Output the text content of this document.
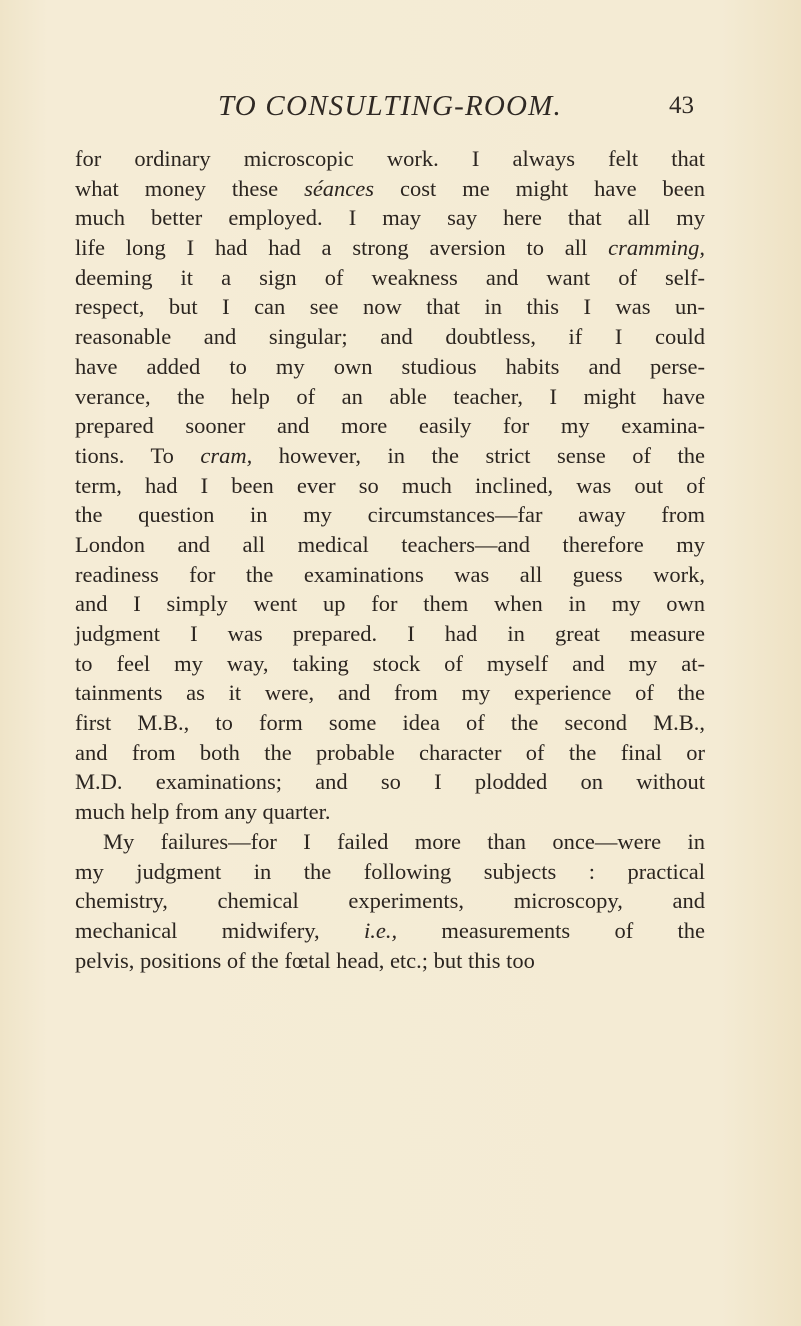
TO CONSULTING-ROOM.	43
for ordinary microscopic work. I always felt that
what money these séances cost me might have been
much better employed. I may say here that all my
life long I had had a strong aversion to all cramming,
deeming it a sign of weakness and want of self-
respect, but I can see now that in this I was un-
reasonable and singular; and doubtless, if I could
have added to my own studious habits and perse-
verance, the help of an able teacher, I might have
prepared sooner and more easily for my examina-
tions. To cram, however, in the strict sense of the
term, had I been ever so much inclined, was out of
the question in my circumstances—far away from
London and all medical teachers—and therefore my
readiness for the examinations was all guess work,
and I simply went up for them when in my own
judgment I was prepared. I had in great measure
to feel my way, taking stock of myself and my at-
tainments as it were, and from my experience of the
first M.B., to form some idea of the second M.B.,
and from both the probable character of the final or
M.D. examinations; and so I plodded on without
much help from any quarter.
My failures—for I failed more than once—were in
my judgment in the following subjects : practical
chemistry, chemical experiments, microscopy, and
mechanical midwifery, i.e., measurements of the
pelvis, positions of the fœtal head, etc.; but this too
